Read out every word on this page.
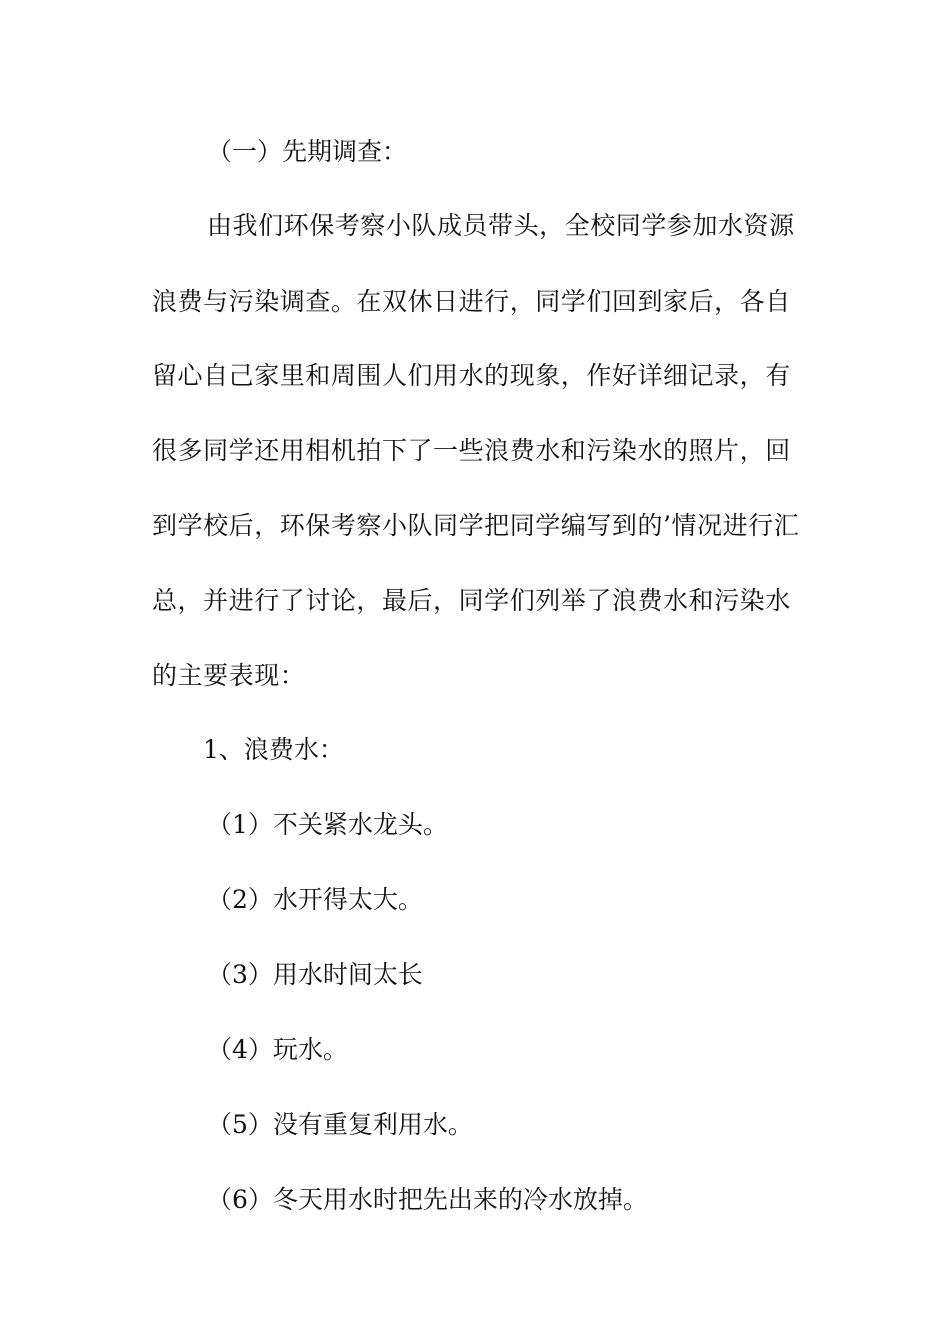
（一）先期调查：
由我们环保考察小队成员带头，全校同学参加水资源
浪费与污染调查。在双休日进行，同学们回到家后，各自
留心自己家里和周围人们用水的现象，作好详细记录，有
很多同学还用相机拍下了一些浪费水和污染水的照片，回
到学校后，环保考察小队同学把同学编写到的’情况进行汇
总，并进行了讨论，最后，同学们列举了浪费水和污染水
的主要表现：
1、浪费水：
（1）不关紧水龙头。
（2）水开得太大。
（3）用水时间太长
（4）玩水。
（5）没有重复利用水。
（6）冬天用水时把先出来的冷水放掉。
